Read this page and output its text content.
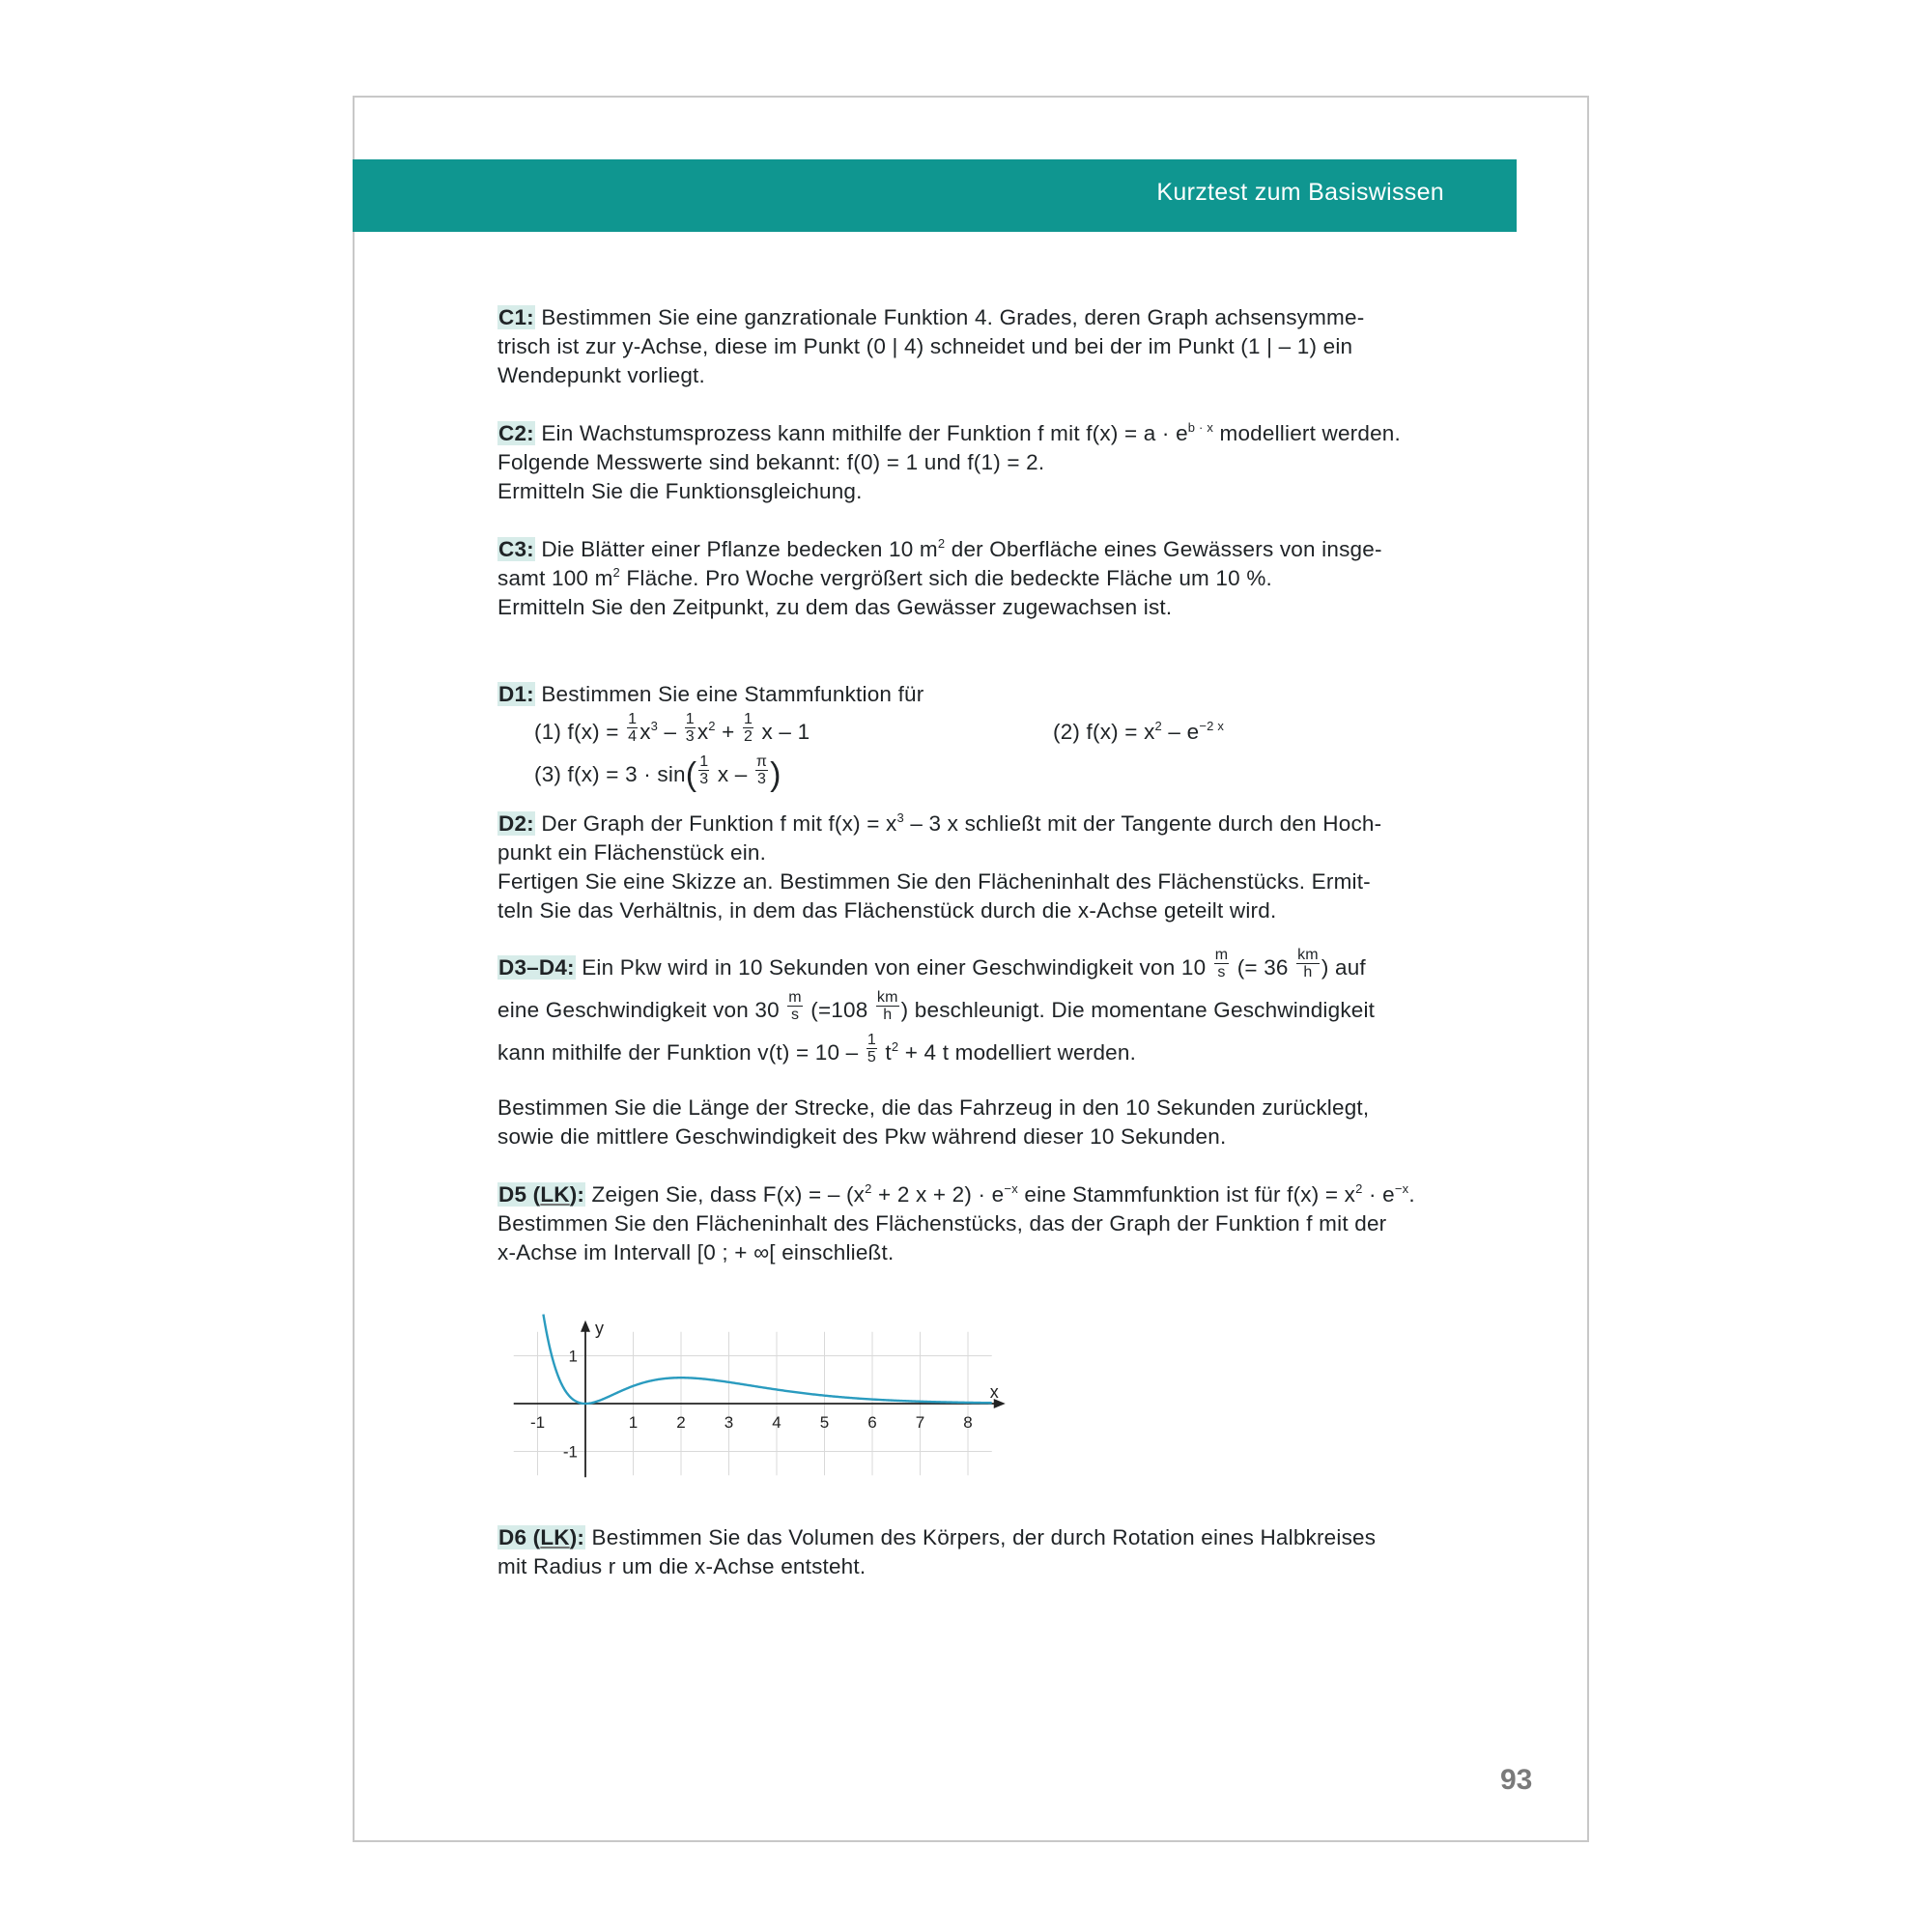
Kurztest zum Basiswissen

C1: Bestimmen Sie eine ganzrationale Funktion 4. Grades, deren Graph achsensymme-

trisch ist zur y-Achse, diese im Punkt (0 | 4) schneidet und bei der im Punkt (1 | – 1) ein

Wendepunkt vorliegt.

C2: Ein Wachstumsprozess kann mithilfe der Funktion f mit $f(x) = a \cdot e^{b \cdot x}$ modelliert werden.

Folgende Messwerte sind bekannt: f(0) = 1 und f(1) = 2.

Ermitteln Sie die Funktionsgleichung.

C3: Die Blätter einer Pflanze bedecken 10 $m^2$ der Oberfläche eines Gewässers von insge-

samt 100 $m^2$ Fläche. Pro Woche vergrößert sich die bedeckte Fläche um 10 %.

Ermitteln Sie den Zeitpunkt, zu dem das Gewässer zugewachsen ist.

D1: Bestimmen Sie eine Stammfunktion für

(1) $f(x) = \frac{1}{4} x^3 - \frac{1}{3} x^2 + \frac{1}{2}$ x – 1	(2) $f(x) = x^2 - e^{-2 x}$
(3) $f(x) = 3 \cdot \sin( \frac{1}{3}$ x – $\frac{\pi}{3}$ )

D2: Der Graph der Funktion f mit $f(x) = x^3 - 3$ x schließt mit der Tangente durch den Hoch-

punkt ein Flächenstück ein.

Fertigen Sie eine Skizze an. Bestimmen Sie den Flächeninhalt des Flächenstücks. Ermit-

teln Sie das Verhältnis, in dem das Flächenstück durch die x-Achse geteilt wird.

D3–D4: Ein Pkw wird in 10 Sekunden von einer Geschwindigkeit von $10 \frac{m}{s}$ (= $36 \frac{km}{h}$ ) auf
eine Geschwindigkeit von $30 \frac{m}{s} (=108 \frac{km}{h}$ ) beschleunigt. Die momentane Geschwindigkeit
kann mithilfe der Funktion $v(t) = 10 - \frac{1}{5} t^2 + 4$ t modelliert werden.

Bestimmen Sie die Länge der Strecke, die das Fahrzeug in den 10 Sekunden zurücklegt,

sowie die mittlere Geschwindigkeit des Pkw während dieser 10 Sekunden.

D5 (LK): Zeigen Sie, dass F(x) = – ($x^2 + 2$ $x + 2) \cdot e^{-x}$ eine Stammfunktion ist für $f(x) = x^2 \cdot e^{-x}$.

Bestimmen Sie den Flächeninhalt des Flächenstücks, das der Graph der Funktion f mit der

x-Achse im Intervall [0 ; + ∞[ einschließt.

x
y
-1	1 2 3 4 5 6 7 8
1
-1

D6 (LK): Bestimmen Sie das Volumen des Körpers, der durch Rotation eines Halbkreises

mit Radius r um die x-Achse entsteht.

93
